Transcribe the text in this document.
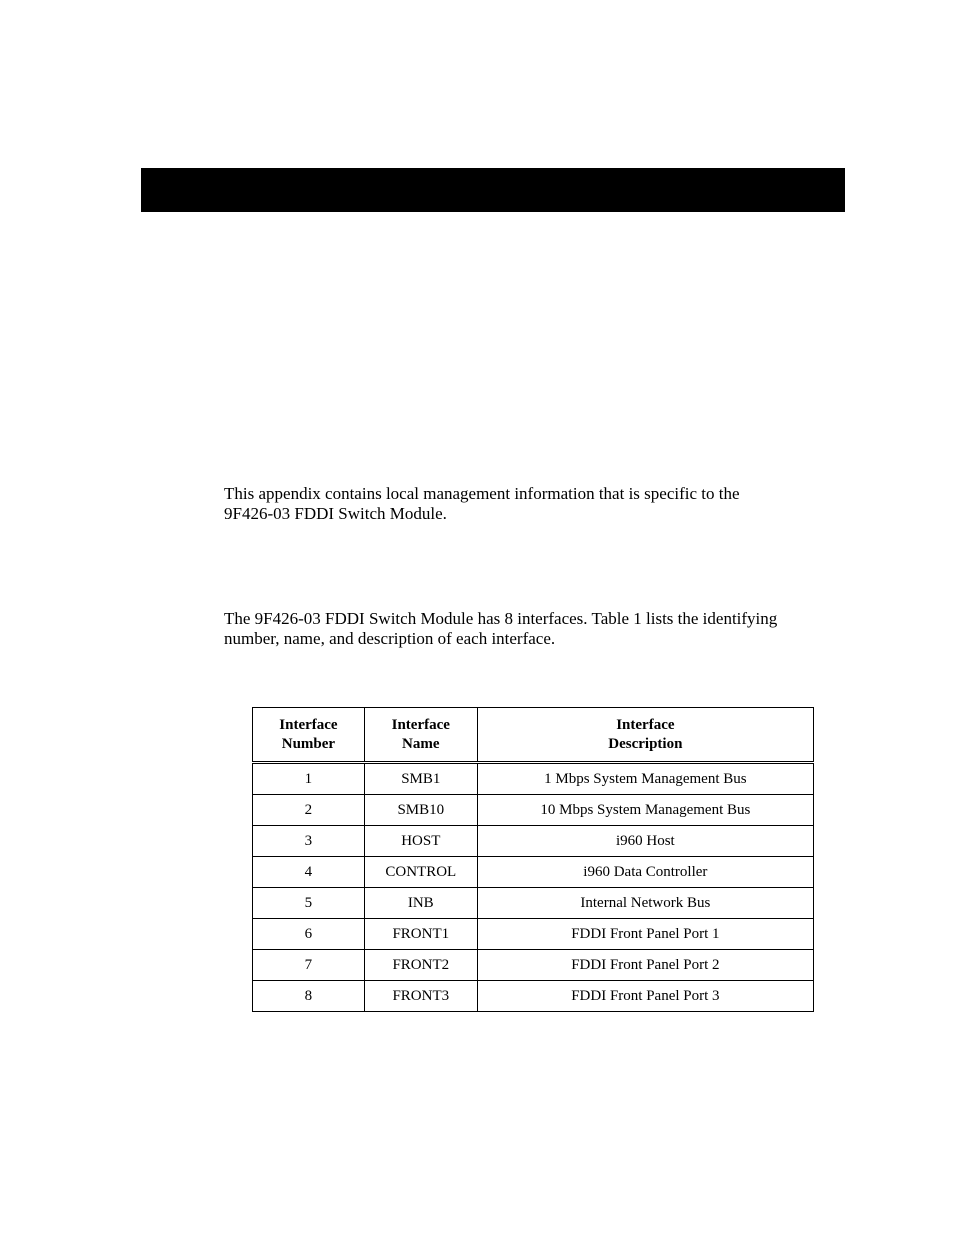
This appendix contains local management information that is specific to the
9F426-03 FDDI Switch Module.

The 9F426-03 FDDI Switch Module has 8 interfaces. Table 1 lists the identifying
number, name, and description of each interface.

Interface
Number	Interface
Name	Interface
Description

1	SMB1	1 Mbps System Management Bus
2	SMB10	10 Mbps System Management Bus
3	HOST	i960 Host
4	CONTROL	i960 Data Controller
5	INB	Internal Network Bus
6	FRONT1	FDDI Front Panel Port 1
7	FRONT2	FDDI Front Panel Port 2
8	FRONT3	FDDI Front Panel Port 3
